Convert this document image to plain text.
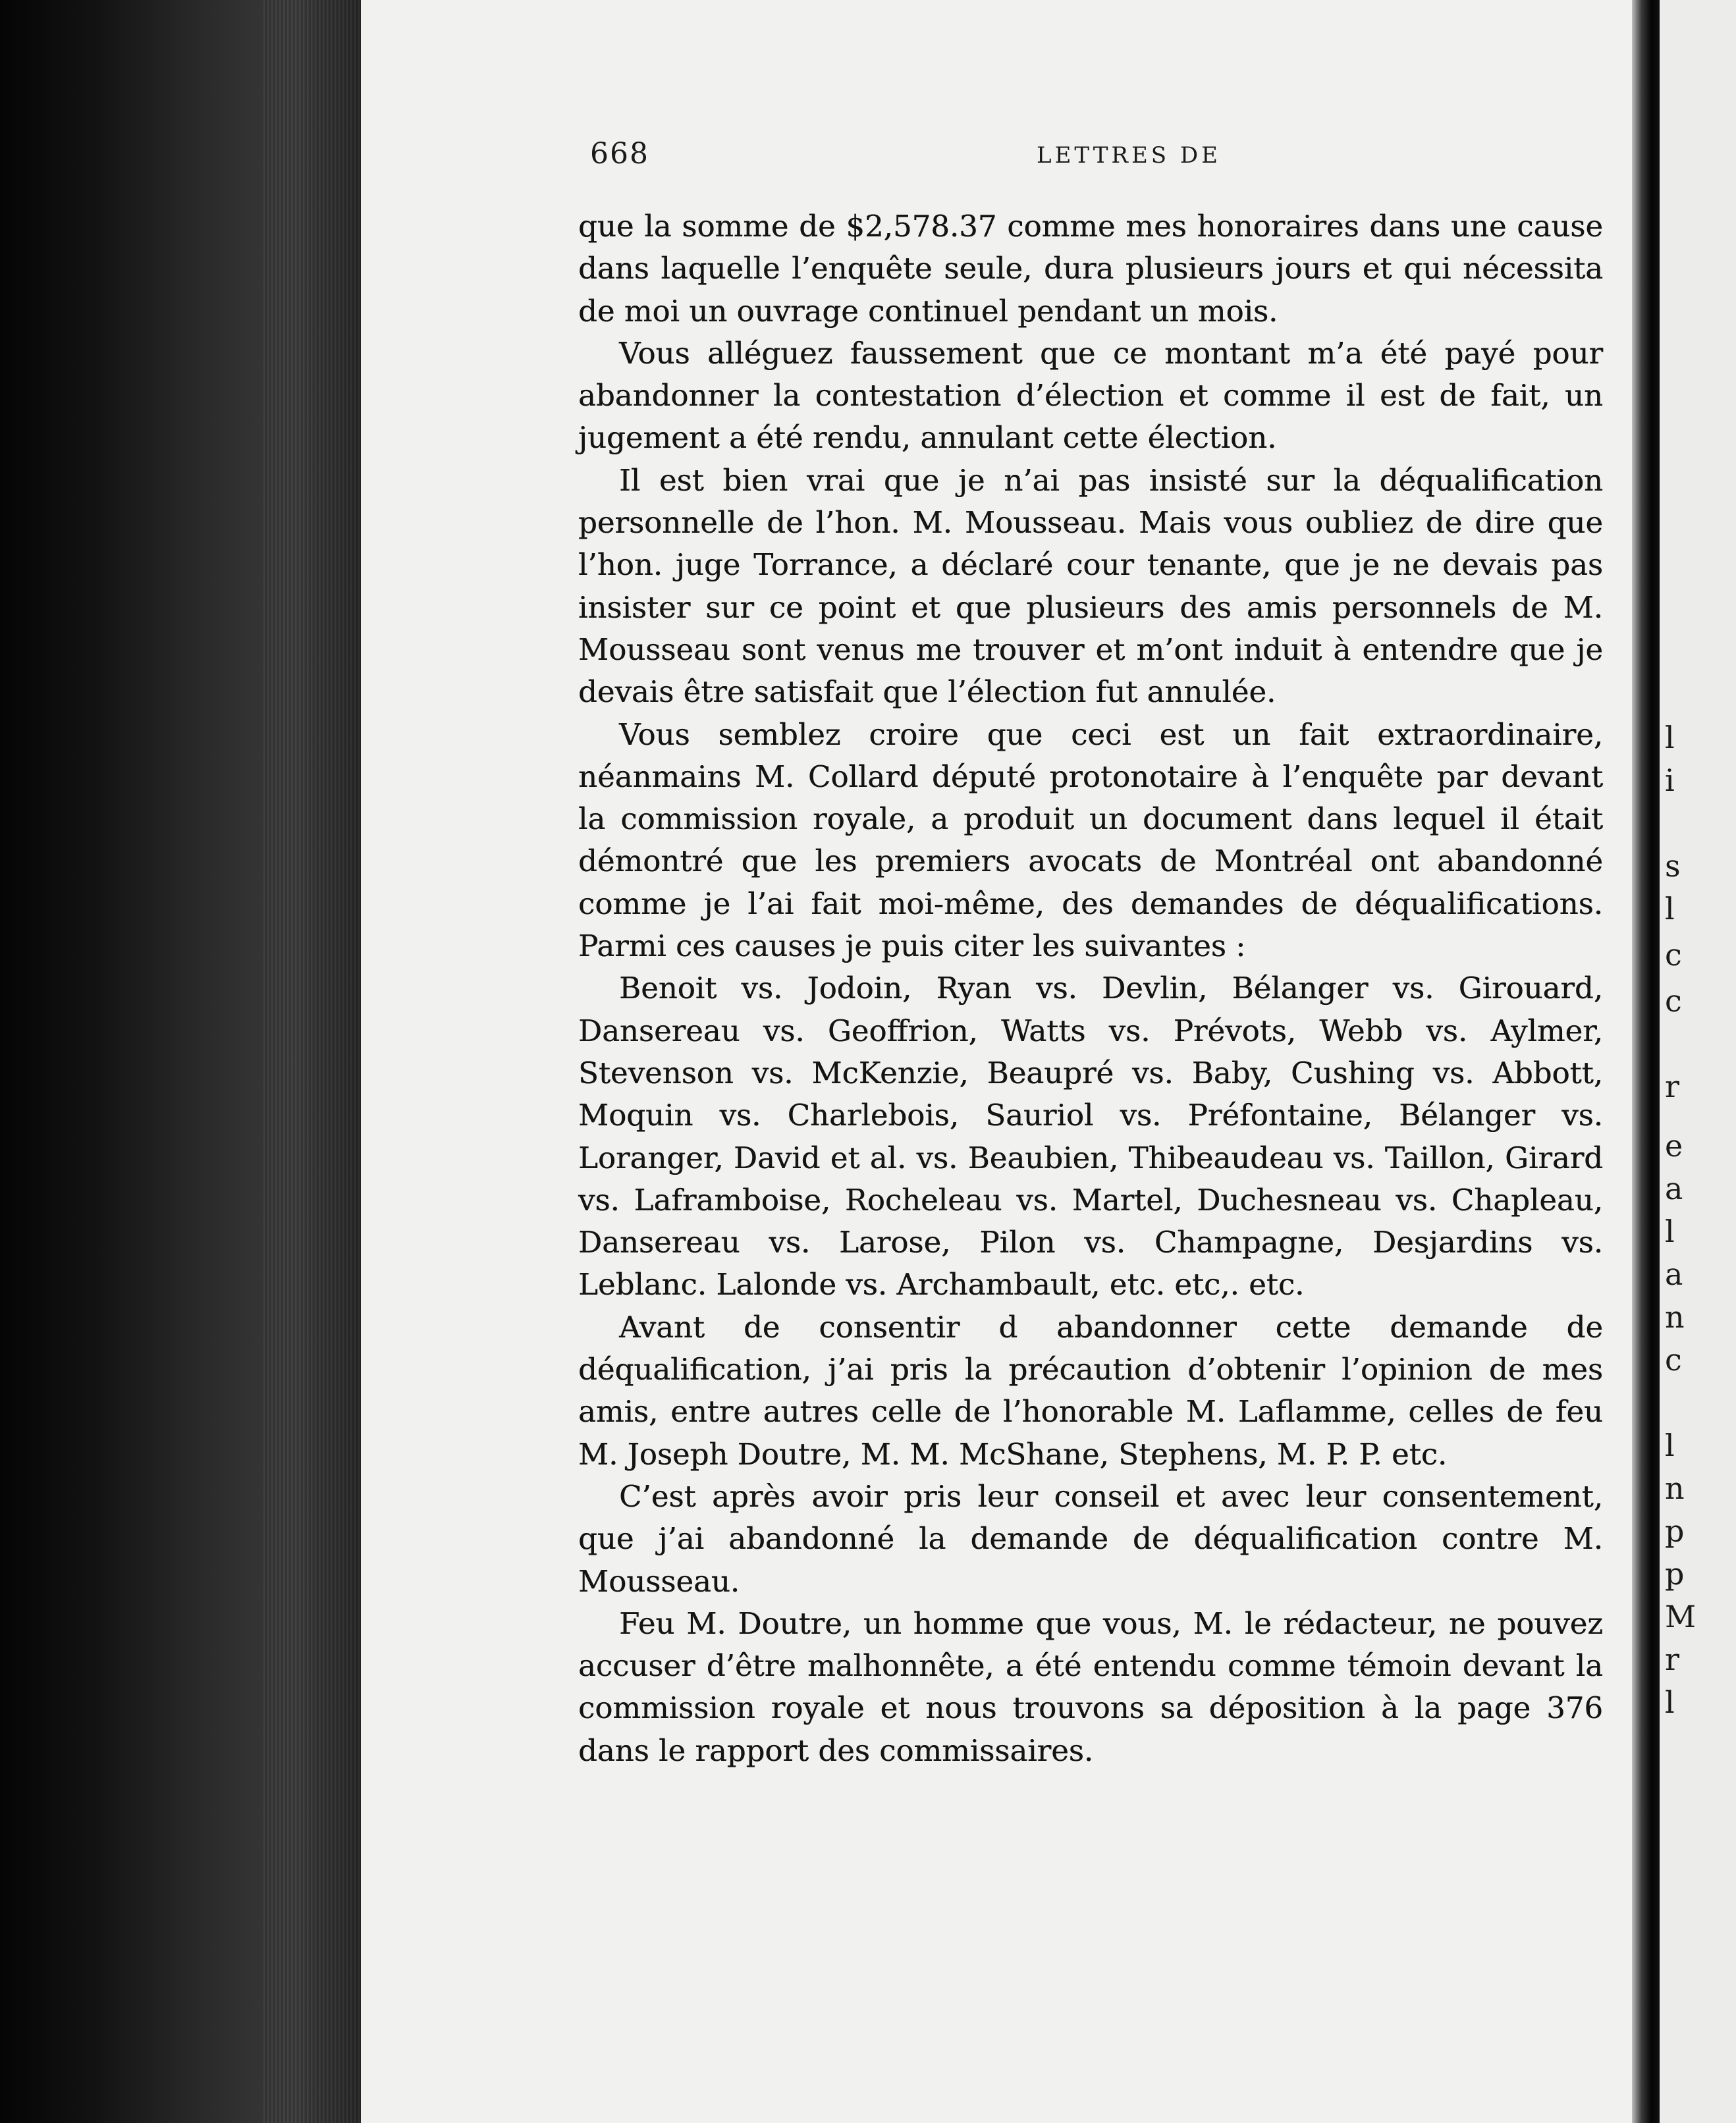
668	LETTRES DE

que la somme de $2,578.37 comme mes honoraires dans une cause dans laquelle l’enquête seule, dura plusieurs jours et qui nécessita de moi un ouvrage continuel pendant un mois.

Vous alléguez faussement que ce montant m’a été payé pour abandonner la contestation d’élection et comme il est de fait, un jugement a été rendu, annulant cette élection.

Il est bien vrai que je n’ai pas insisté sur la déqualification personnelle de l’hon. M. Mousseau. Mais vous oubliez de dire que l’hon. juge Torrance, a déclaré cour tenante, que je ne devais pas insister sur ce point et que plusieurs des amis personnels de M. Mousseau sont venus me trouver et m’ont induit à entendre que je devais être satisfait que l’élection fut annulée.

Vous semblez croire que ceci est un fait extraordinaire, néanmains M. Collard député protonotaire à l’enquête par devant la commission royale, a produit un document dans lequel il était démontré que les premiers avocats de Montréal ont abandonné comme je l’ai fait moi-même, des demandes de déqualifications. Parmi ces causes je puis citer les suivantes :

Benoit vs. Jodoin, Ryan vs. Devlin, Bélanger vs. Girouard, Dansereau vs. Geoffrion, Watts vs. Prévots, Webb vs. Aylmer, Stevenson vs. McKenzie, Beaupré vs. Baby, Cushing vs. Abbott, Moquin vs. Charlebois, Sauriol vs. Préfontaine, Bélanger vs. Loranger, David et al. vs. Beaubien, Thibeaudeau vs. Taillon, Girard vs. Laframboise, Rocheleau vs. Martel, Duchesneau vs. Chapleau, Dansereau vs. Larose, Pilon vs. Champagne, Desjardins vs. Leblanc. Lalonde vs. Archambault, etc. etc,. etc.

Avant de consentir d abandonner cette demande de déqualification, j’ai pris la précaution d’obtenir l’opinion de mes amis, entre autres celle de l’honorable M. Laflamme, celles de feu M. Joseph Doutre, M. M. McShane, Stephens, M. P. P. etc.

C’est après avoir pris leur conseil et avec leur consentement, que j’ai abandonné la demande de déqualification contre M. Mousseau.

Feu M. Doutre, un homme que vous, M. le rédacteur, ne pouvez accuser d’être malhonnête, a été entendu comme témoin devant la commission royale et nous trouvons sa déposition à la page 376 dans le rapport des commissaires.

l
i
s
l
c
c
r
e
a
l
a
n
c
l
n
p
p
M
r
l
